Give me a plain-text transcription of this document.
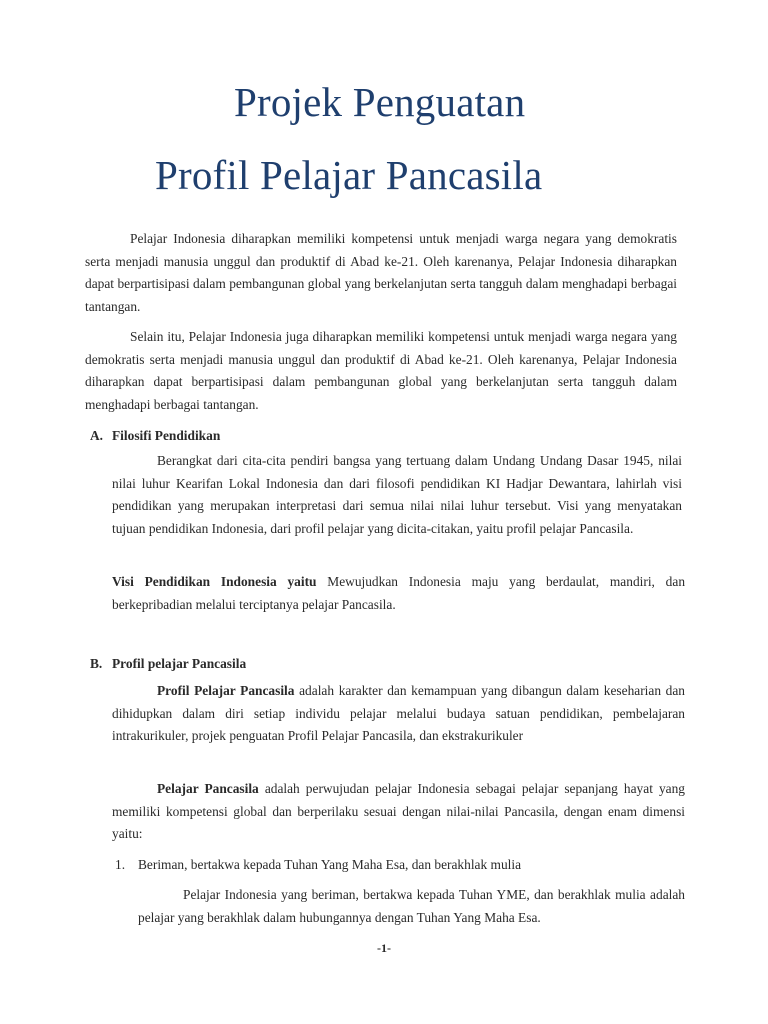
Projek Penguatan
Profil Pelajar Pancasila

Pelajar Indonesia diharapkan memiliki kompetensi untuk menjadi warga negara yang demokratis serta menjadi manusia unggul dan produktif di Abad ke-21. Oleh karenanya, Pelajar Indonesia diharapkan dapat berpartisipasi dalam pembangunan global yang berkelanjutan serta tangguh dalam menghadapi berbagai tantangan.

Selain itu, Pelajar Indonesia juga diharapkan memiliki kompetensi untuk menjadi warga negara yang demokratis serta menjadi manusia unggul dan produktif di Abad ke-21. Oleh karenanya, Pelajar Indonesia diharapkan dapat berpartisipasi dalam pembangunan global yang berkelanjutan serta tangguh dalam menghadapi berbagai tantangan.

A. Filosifi Pendidikan

Berangkat dari cita-cita pendiri bangsa yang tertuang dalam Undang Undang Dasar 1945, nilai nilai luhur Kearifan Lokal Indonesia dan dari filosofi pendidikan KI Hadjar Dewantara, lahirlah visi pendidikan yang merupakan interpretasi dari semua nilai nilai luhur tersebut. Visi yang menyatakan tujuan pendidikan Indonesia, dari profil pelajar yang dicita-citakan, yaitu profil pelajar Pancasila.

Visi Pendidikan Indonesia yaitu Mewujudkan Indonesia maju yang berdaulat, mandiri, dan berkepribadian melalui terciptanya pelajar Pancasila.

B. Profil pelajar Pancasila

Profil Pelajar Pancasila adalah karakter dan kemampuan yang dibangun dalam keseharian dan dihidupkan dalam diri setiap individu pelajar melalui budaya satuan pendidikan, pembelajaran intrakurikuler, projek penguatan Profil Pelajar Pancasila, dan ekstrakurikuler

Pelajar Pancasila adalah perwujudan pelajar Indonesia sebagai pelajar sepanjang hayat yang memiliki kompetensi global dan berperilaku sesuai dengan nilai-nilai Pancasila, dengan enam dimensi yaitu:

1. Beriman, bertakwa kepada Tuhan Yang Maha Esa, dan berakhlak mulia

Pelajar Indonesia yang beriman, bertakwa kepada Tuhan YME, dan berakhlak mulia adalah pelajar yang berakhlak dalam hubungannya dengan Tuhan Yang Maha Esa.

-1-
